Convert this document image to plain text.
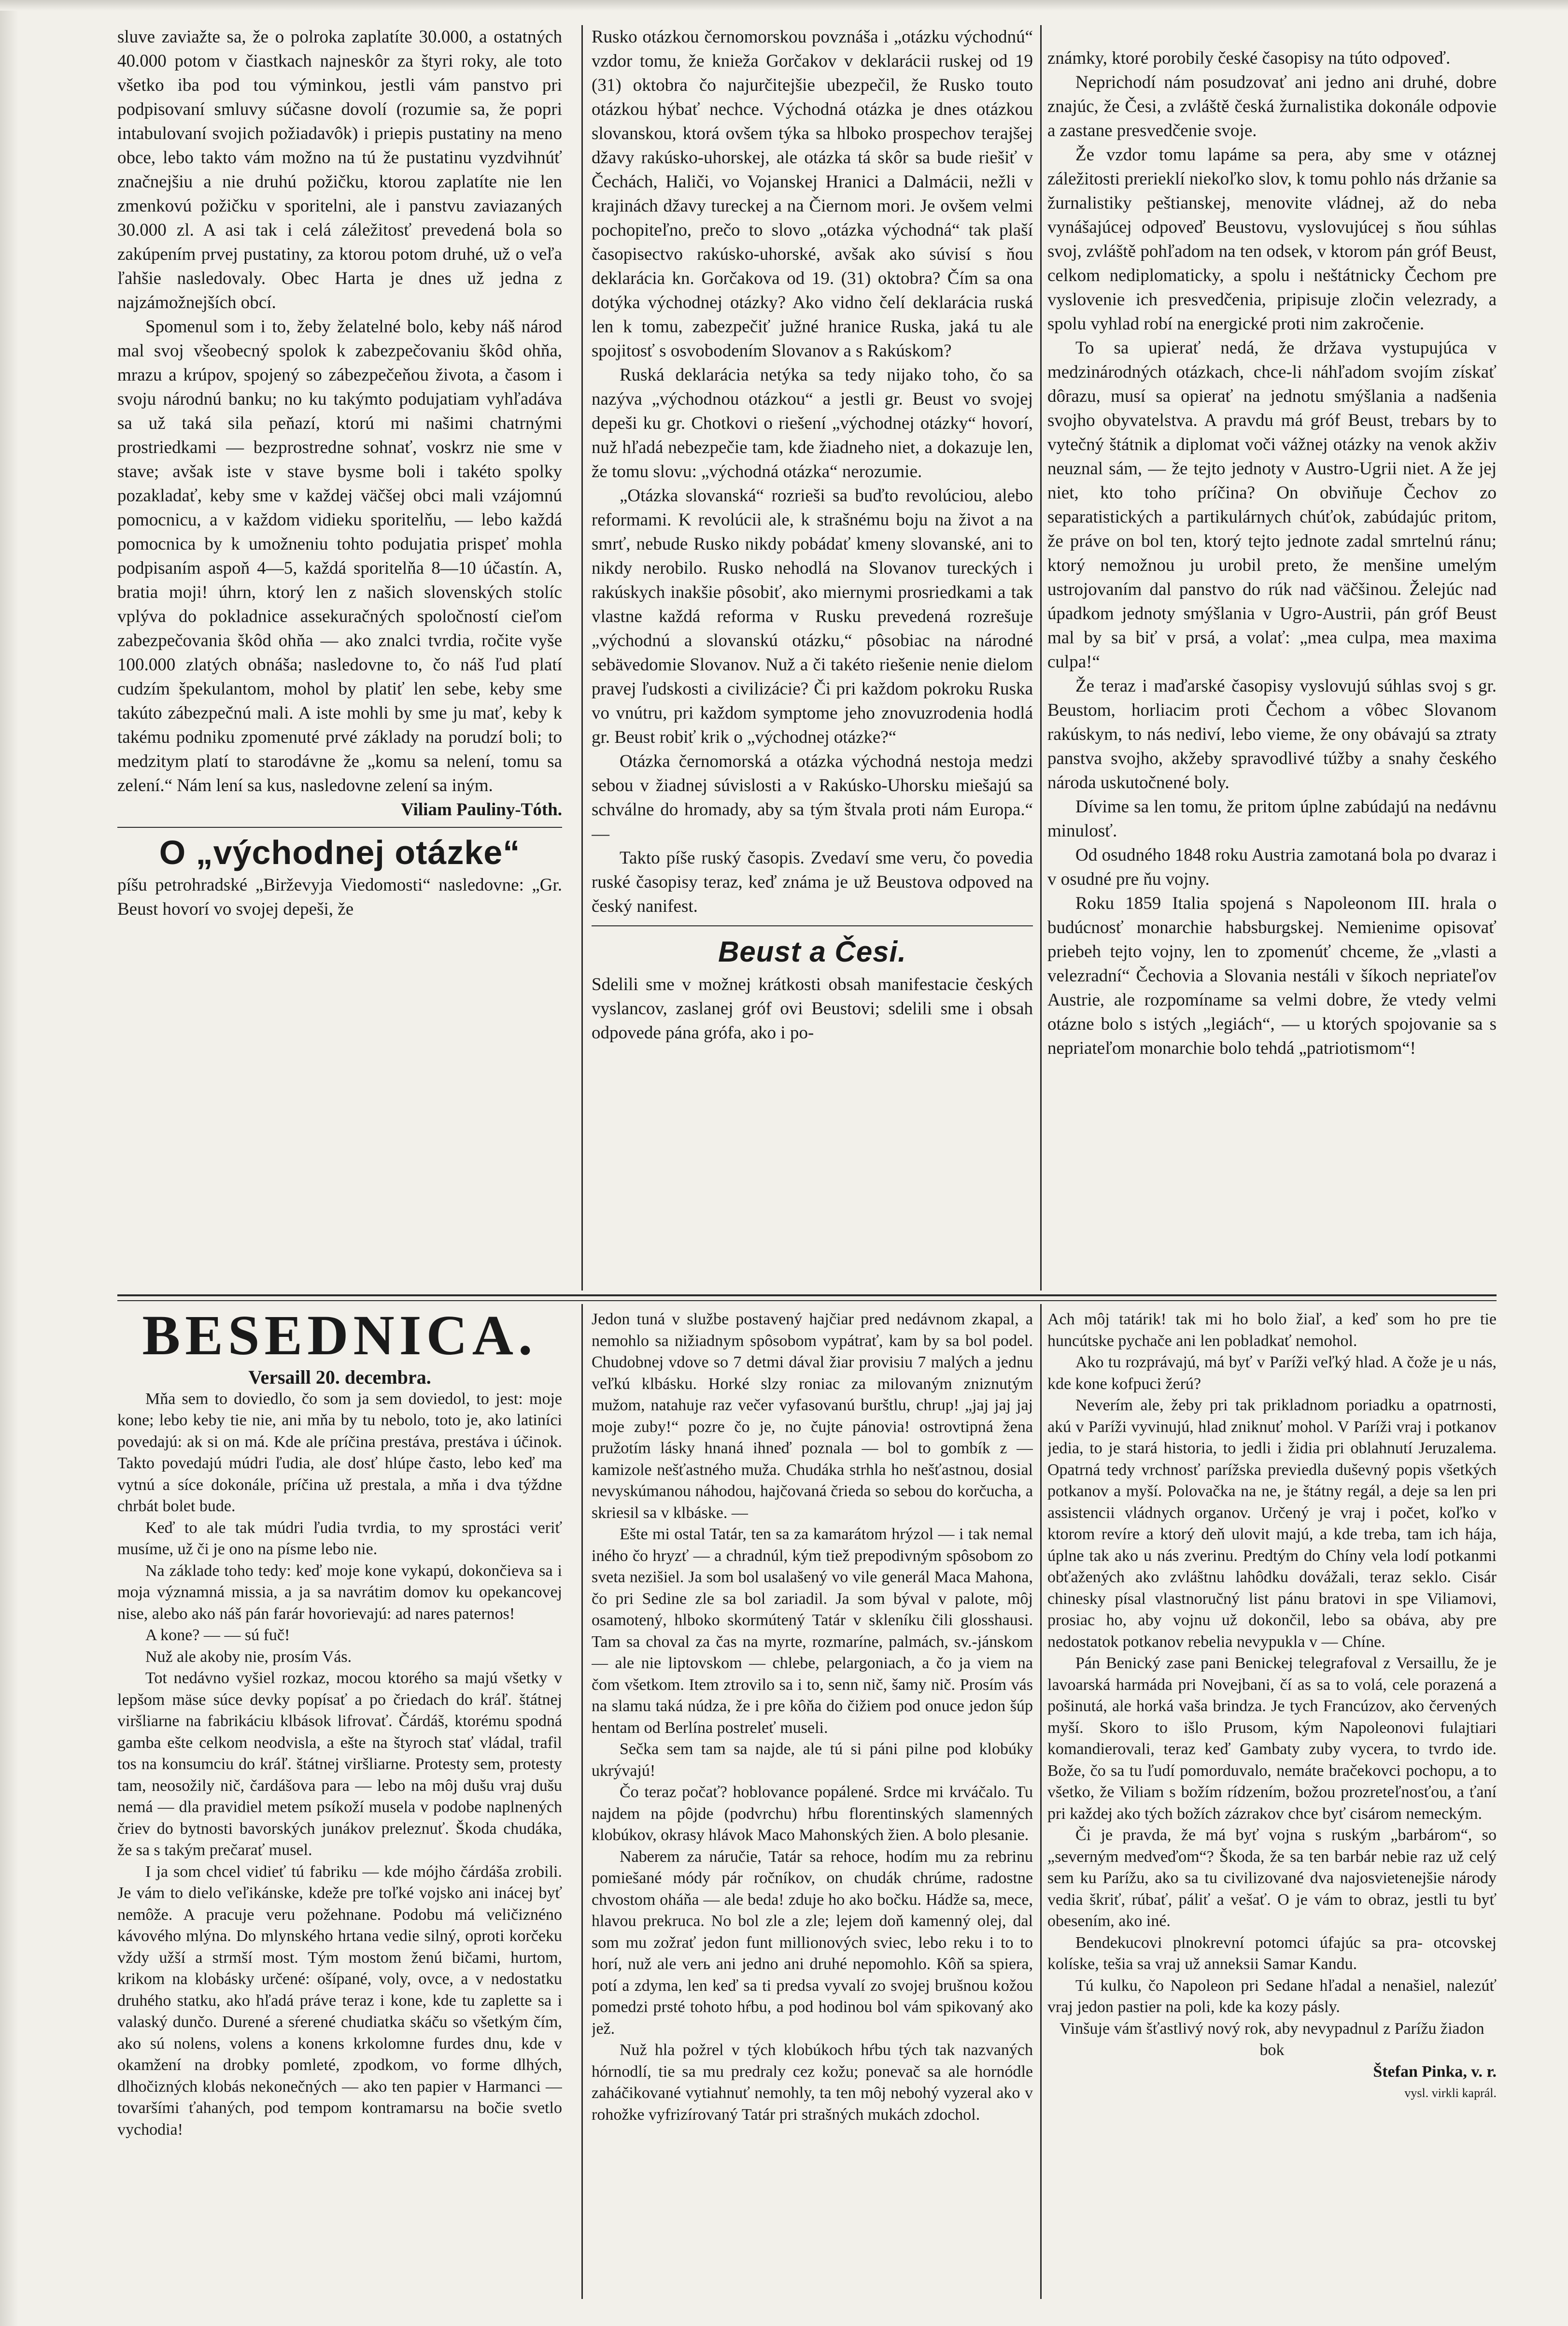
sluve zaviažte sa, že o polroka zaplatíte 30.000, a ostatných 40.000 potom v čiastkach najneskôr za štyri roky, ale toto všetko iba pod tou výminkou, jestli vám panstvo pri podpisovaní smluvy súčasne dovolí (rozumie sa, že popri intabulovaní svojich požiadavôk) i priepis pustatiny na meno obce, lebo takto vám možno na tú že pustatinu vyzdvihnúť značnejšiu a nie druhú požičku, ktorou zaplatíte nie len zmenkovú požičku v sporitelni, ale i panstvu zaviazaných 30.000 zl. A asi tak i celá záležitosť prevedená bola so zakúpením prvej pustatiny, za ktorou potom druhé, už o veľa ľahšie nasledovaly. Obec Harta je dnes už jedna z najzámožnejších obcí.

Spomenul som i to, žeby želatelné bolo, keby náš národ mal svoj všeobecný spolok k zabezpečovaniu škôd ohňa, mrazu a krúpov, spojený so zábezpečeňou života, a časom i svoju národnú banku; no ku takýmto podujatiam vyhľadáva sa už taká sila peňazí, ktorú mi našimi chatrnými prostriedkami — bezprostredne sohnať, voskrz nie sme v stave; avšak iste v stave bysme boli i takéto spolky pozakladať, keby sme v každej väčšej obci mali vzájomnú pomocnicu, a v každom vidieku sporitelňu, — lebo každá pomocnica by k umožneniu tohto podujatia prispeť mohla podpisaním aspoň 4—5, každá sporitelňa 8—10 účastín. A, bratia moji! úhrn, ktorý len z našich slovenských stolíc vplýva do pokladnice assekuračných spoločností cieľom zabezpečovania škôd ohňa — ako znalci tvrdia, ročite vyše 100.000 zlatých obnáša; nasledovne to, čo náš ľud platí cudzím špekulantom, mohol by platiť len sebe, keby sme takúto zábezpečnú mali. A iste mohli by sme ju mať, keby k takému podniku zpomenuté prvé základy na porudzí boli; to medzitym platí to starodávne že „komu sa nelení, tomu sa zelení.“ Nám lení sa kus, nasledovne zelení sa iným.

Viliam Pauliny-Tóth.

O „východnej otázke“

píšu petrohradské „Birževyja Viedomosti“ nasledovne: „Gr. Beust hovorí vo svojej depeši, že

Rusko otázkou černomorskou povznáša i „otázku východnú“ vzdor tomu, že knieža Gorčakov v deklarácii ruskej od 19 (31) oktobra čo najurčitejšie ubezpečil, že Rusko touto otázkou hýbať nechce. Východná otázka je dnes otázkou slovanskou, ktorá ovšem týka sa hlboko prospechov terajšej džavy rakúsko-uhorskej, ale otázka tá skôr sa bude riešiť v Čechách, Haliči, vo Vojanskej Hranici a Dalmácii, nežli v krajinách džavy tureckej a na Čiernom mori. Je ovšem velmi pochopiteľno, prečo to slovo „otázka východná“ tak plaší časopisectvo rakúsko-uhorské, avšak ako súvisí s ňou deklarácia kn. Gorčakova od 19. (31) oktobra? Čím sa ona dotýka východnej otázky? Ako vidno čelí deklarácia ruská len k tomu, zabezpečiť južné hranice Ruska, jaká tu ale spojitosť s osvobodením Slovanov a s Rakúskom?

Ruská deklarácia netýka sa tedy nijako toho, čo sa nazýva „východnou otázkou“ a jestli gr. Beust vo svojej depeši ku gr. Chotkovi o riešení „východnej otázky“ hovorí, nuž hľadá nebezpečie tam, kde žiadneho niet, a dokazuje len, že tomu slovu: „východná otázka“ nerozumie.

„Otázka slovanská“ rozrieši sa buďto revolúciou, alebo reformami. K revolúcii ale, k strašnému boju na život a na smrť, nebude Rusko nikdy pobádať kmeny slovanské, ani to nikdy nerobilo. Rusko nehodlá na Slovanov tureckých i rakúskych inakšie pôsobiť, ako miernymi prosriedkami a tak vlastne každá reforma v Rusku prevedená rozrešuje „východnú a slovanskú otázku,“ pôsobiac na národné sebävedomie Slovanov. Nuž a či takéto riešenie nenie dielom pravej ľudskosti a civilizácie? Či pri každom pokroku Ruska vo vnútru, pri každom symptome jeho znovuzrodenia hodlá gr. Beust robiť krik o „východnej otázke?“

Otázka černomorská a otázka východná nestoja medzi sebou v žiadnej súvislosti a v Rakúsko-Uhorsku miešajú sa schválne do hromady, aby sa tým štvala proti nám Europa.“ —

Takto píše ruský časopis. Zvedaví sme veru, čo povedia ruské časopisy teraz, keď známa je už Beustova odpoved na český nanifest.

Beust a Česi.

Sdelili sme v možnej krátkosti obsah manifestacie českých vyslancov, zaslanej gróf ovi Beustovi; sdelili sme i obsah odpovede pána grófa, ako i po-

známky, ktoré porobily české časopisy na túto odpoveď.

Neprichodí nám posudzovať ani jedno ani druhé, dobre znajúc, že Česi, a zvláště česká žurnalistika dokonále odpovie a zastane presvedčenie svoje.

Že vzdor tomu lapáme sa pera, aby sme v otáznej záležitosti prerieklí niekoľko slov, k tomu pohlo nás držanie sa žurnalistiky peštianskej, menovite vládnej, až do neba vynášajúcej odpoveď Beustovu, vyslovujúcej s ňou súhlas svoj, zvláště pohľadom na ten odsek, v ktorom pán gróf Beust, celkom nediplomaticky, a spolu i neštátnicky Čechom pre vyslovenie ich presvedčenia, pripisuje zločin velezrady, a spolu vyhlad robí na energické proti nim zakročenie.

To sa upierať nedá, že država vystupujúca v medzinárodných otázkach, chce-li náhľadom svojím získať dôrazu, musí sa opierať na jednotu smýšlania a nadšenia svojho obyvatelstva. A pravdu má gróf Beust, trebars by to vytečný štátnik a diplomat voči vážnej otázky na venok akživ neuznal sám, — že tejto jednoty v Austro-Ugrii niet. A že jej niet, kto toho príčina? On obviňuje Čechov zo separatistických a partikulárnych chúťok, zabúdajúc pritom, že práve on bol ten, ktorý tejto jednote zadal smrtelnú ránu; ktorý nemožnou ju urobil preto, že menšine umelým ustrojovaním dal panstvo do rúk nad väčšinou. Želejúc nad úpadkom jednoty smýšlania v Ugro-Austrii, pán gróf Beust mal by sa biť v prsá, a volať: „mea culpa, mea maxima culpa!“

Že teraz i maďarské časopisy vyslovujú súhlas svoj s gr. Beustom, horliacim proti Čechom a vôbec Slovanom rakúskym, to nás nediví, lebo vieme, že ony obávajú sa ztraty panstva svojho, akžeby spravodlivé túžby a snahy českého národa uskutočnené boly.

Dívime sa len tomu, že pritom úplne zabúdajú na nedávnu minulosť.

Od osudného 1848 roku Austria zamotaná bola po dvaraz i v osudné pre ňu vojny.

Roku 1859 Italia spojená s Napoleonom III. hrala o budúcnosť monarchie habsburgskej. Nemienime opisovať priebeh tejto vojny, len to zpomenúť chceme, že „vlasti a velezradní“ Čechovia a Slovania nestáli v šíkoch nepriateľov Austrie, ale rozpomíname sa velmi dobre, že vtedy velmi otázne bolo s istých „legiách“, — u ktorých spojovanie sa s nepriateľom monarchie bolo tehdá „patriotismom“!

BESEDNICA.

Versaill 20. decembra.

Mňa sem to doviedlo, čo som ja sem doviedol, to jest: moje kone; lebo keby tie nie, ani mňa by tu nebolo, toto je, ako latiníci povedajú: ak si on má. Kde ale príčina prestáva, prestáva i účinok. Takto povedajú múdri ľudia, ale dosť hlúpe často, lebo keď ma vytnú a síce dokonále, príčina už prestala, a mňa i dva týždne chrbát bolet bude.

Keď to ale tak múdri ľudia tvrdia, to my sprostáci veriť musíme, už či je ono na písme lebo nie.

Na základe toho tedy: keď moje kone vykapú, dokončieva sa i moja významná missia, a ja sa navrátim domov ku opekancovej nise, alebo ako náš pán farár hovorievajú: ad nares paternos!

A kone? — — sú fuč!

Nuž ale akoby nie, prosím Vás.

Tot nedávno vyšiel rozkaz, mocou ktorého sa majú všetky v lepšom mäse súce devky popísať a po čriedach do kráľ. štátnej viršliarne na fabrikáciu klbások lifrovať. Čárdáš, ktorému spodná gamba ešte celkom neodvisla, a ešte na štyroch stať vládal, trafil tos na konsumciu do kráľ. štátnej viršliarne. Protesty sem, protesty tam, neosožily nič, čardášova para — lebo na môj dušu vraj dušu nemá — dla pravidiel metem psíkoží musela v podobe naplnených čriev do bytnosti bavorských junákov preleznuť. Škoda chudáka, že sa s takým prečarať musel.

I ja som chcel vidieť tú fabriku — kde mójho čárdáša zrobili. Je vám to dielo veľikánske, kdeže pre toľké vojsko ani inácej byť nemôže. A pracuje veru požehnane. Podobu má veličiznéno kávového mlýna. Do mlynského hrtana vedie silný, oproti korčeku vždy užší a strmší most. Tým mostom ženú bičami, hurtom, krikom na klobásky určené: ošípané, voly, ovce, a v nedostatku druhého statku, ako hľadá práve teraz i kone, kde tu zaplette sa i valaský dunčo. Durené a sŕerené chudiatka skáču so všetkým čím, ako sú nolens, volens a konens krkolomne furdes dnu, kde v okamžení na drobky pomleté, zpodkom, vo forme dlhých, dlhočizných klobás nekonečných — ako ten papier v Harmanci — tovaršími ťahaných, pod tempom kontramarsu na bočie svetlo vychodia!

Jedon tuná v službe postavený hajčiar pred nedávnom zkapal, a nemohlo sa nižiadnym spôsobom vypátrať, kam by sa bol podel. Chudobnej vdove so 7 detmi dával žiar provisiu 7 malých a jednu veľkú klbásku. Horké slzy roniac za milovaným zniznutým mužom, natahuje raz večer vyfasovanú burštlu, chrup! „jaj jaj jaj moje zuby!“ pozre čo je, no čujte pánovia! ostrovtipná žena pružotím lásky hnaná ihneď poznala — bol to gombík z — kamizole nešťastného muža. Chudáka strhla ho nešťastnou, dosial nevyskúmanou náhodou, hajčovaná črieda so sebou do korčucha, a skriesil sa v klbáske. —

Ešte mi ostal Tatár, ten sa za kamarátom hrýzol — i tak nemal iného čo hryzť — a chradnúl, kým tiež prepodivným spôsobom zo sveta nezišiel. Ja som bol usalašený vo vile generál Maca Mahona, čo pri Sedine zle sa bol zariadil. Ja som býval v palote, môj osamotený, hlboko skormútený Tatár v skleníku čili glosshausi. Tam sa choval za čas na myrte, rozmaríne, palmách, sv.-jánskom — ale nie liptovskom — chlebe, pelargoniach, a čo ja viem na čom všetkom. Item ztrovilo sa i to, senn nič, šamy nič. Prosím vás na slamu taká núdza, že i pre kôňa do čižiem pod onuce jedon šúp hentam od Berlína postreleť museli.

Sečka sem tam sa najde, ale tú si páni pilne pod klobúky ukrývajú!

Čo teraz počať? hoblovance popálené. Srdce mi krváčalo. Tu najdem na pôjde (podvrchu) hŕbu florentinských slamenných klobúkov, okrasy hlávok Maco Mahonských žien. A bolo plesanie.

Naberem za náručie, Tatár sa rehoce, hodím mu za rebrinu pomiešané módy pár ročníkov, on chudák chrúme, radostne chvostom oháňa — ale beda! zdujе ho ako bočku. Hádže sa, mece, hlavou prekruca. No bol zle a zle; lejem doň kamenný olej, dal som mu zožrať jedon funt millionových sviec, lebo reku i to to horí, nuž ale verь ani jedno ani druhé nepomohlo. Kôň sa spiera, potí a zdyma, len keď sa ti predsa vyvalí zo svojej brušnou kožou pomedzi prsté tohoto hŕbu, a pod hodinou bol vám spikovaný ako jež.

Nuž hla požrel v tých klobúkoch hŕbu tých tak nazvaných hórnodlí, tie sa mu predraly cez kožu; ponevač sa ale hornódle zaháčikované vytiahnuť nemohly, ta ten môj nebohý vyzeral ako v rohožke vyfrizírovaný Tatár pri strašných mukách zdochol.

Ach môj tatárik! tak mi ho bolo žiaľ, a keď som ho pre tie huncútske pychače ani len pobladkať nemohol.

Ako tu rozprávajú, má byť v Paríži veľký hlad. A čože je u nás, kde kone kofpuci žerú?

Neverím ale, žeby pri tak prikladnom poriadku a opatrnosti, akú v Paríži vyvinujú, hlad zniknuť mohol. V Paríži vraj i potkanov jedia, to je stará historia, to jedli i židia pri oblahnutí Jeruzalema. Opatrná tedy vrchnosť parížska previedla duševný popis všetkých potkanov a myší. Polovačka na ne, je štátny regál, a deje sa len pri assistencii vládnych organov. Určený je vraj i počet, koľko v ktorom revíre a ktorý deň ulovit majú, a kde treba, tam ich hája, úplne tak ako u nás zverinu. Predtým do Chíny vela lodí potkanmi obťažených ako zvláštnu lahôdku dovážali, teraz seklo. Cisár chinesky písal vlastnoručný list pánu bratovi in spe Viliamovi, prosiac ho, aby vojnu už dokončil, lebo sa obáva, aby pre nedostatok potkanov rebelia nevypukla v — Chíne.

Pán Benický zase pani Benickej telegrafoval z Versaillu, že je lavoarská harmáda pri Novejbani, čí as sa to volá, cele porazená a pošinutá, ale horká vaša brindza. Je tych Francúzov, ako červených myší. Skoro to išlo Prusom, kým Napoleonovi fulajtiari komandierovali, teraz keď Gambaty zuby vycera, to tvrdo ide. Bože, čo sa tu ľudí pomorduvalo, nemáte bračekovci pochopu, a to všetko, že Viliam s božím rídzením, božou prozreteľnosťou, a ťaní pri každej ako tých božích zázrakov chce byť cisárom nemeckým.

Či je pravda, že má byť vojna s ruským „barbárom“, so „severným medveďom“? Škoda, že sa ten barbár nebie raz už celý sem ku Parížu, ako sa tu civilizované dva najosvietenejšie národy vedia škriť, rúbať, páliť a vešať. O je vám to obraz, jestli tu byť obesením, ako iné.

Bendekucovi plnokrevní potomci úfajúc sa pra- otcovskej kolíske, tešia sa vraj už anneksii Samar Kandu.

Tú kulku, čo Napoleon pri Sedane hľadal a nenašiel, nalezúť vraj jedon pastier na poli, kde ka kozy pásly.

Vinšuje vám šťastlivý nový rok, aby nevypadnul z Parížu žiadon bok

Štefan Pinka, v. r.

vysl. virkli kaprál.
